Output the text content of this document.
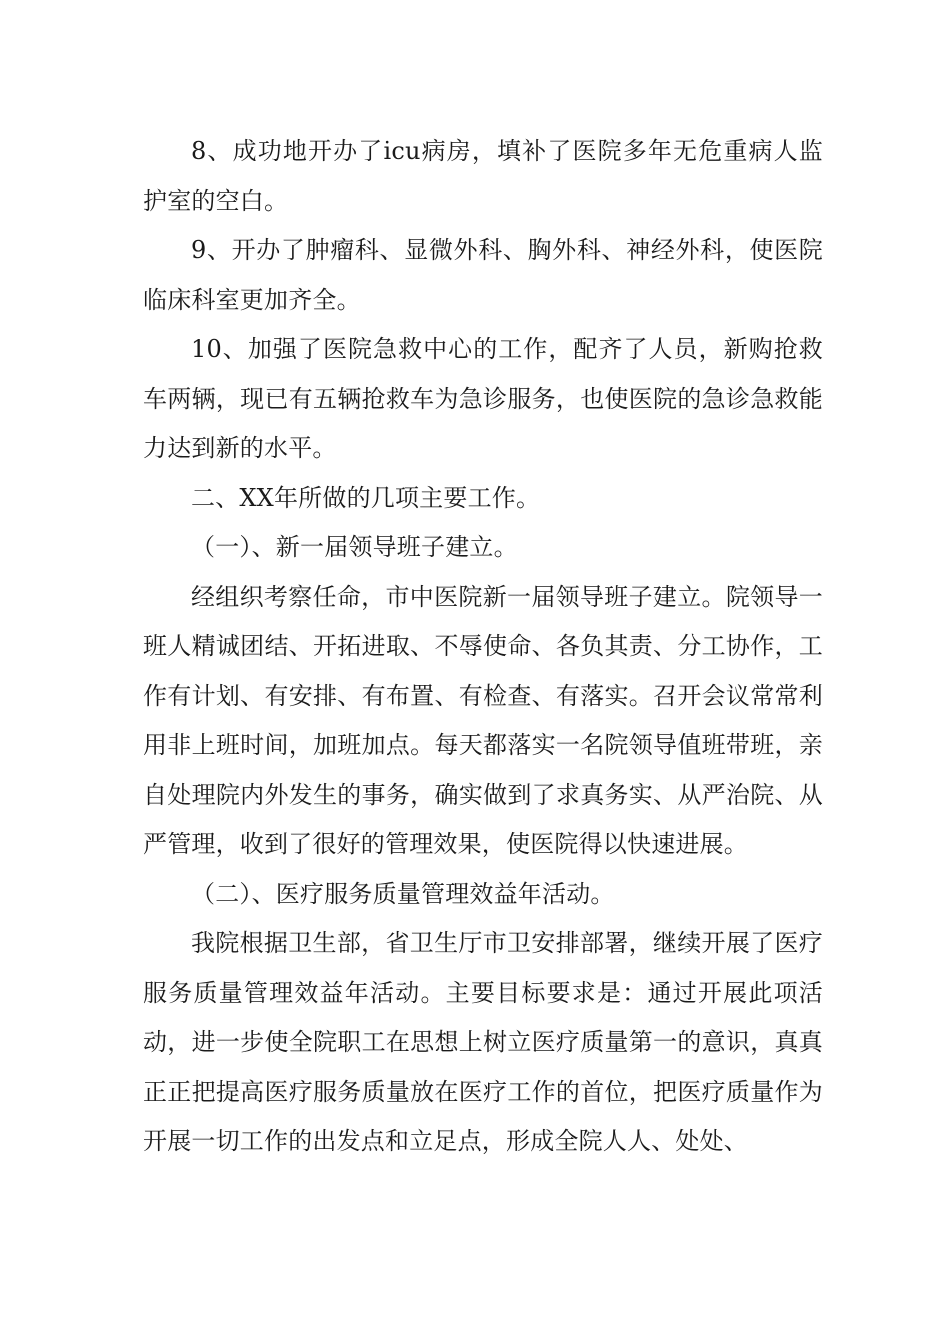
8、成功地开办了icu病房，填补了医院多年无危重病人监护室的空白。

9、开办了肿瘤科、显微外科、胸外科、神经外科，使医院临床科室更加齐全。

10、加强了医院急救中心的工作，配齐了人员，新购抢救车两辆，现已有五辆抢救车为急诊服务，也使医院的急诊急救能力达到新的水平。

二、XX年所做的几项主要工作。

（一）、新一届领导班子建立。

经组织考察任命，市中医院新一届领导班子建立。院领导一班人精诚团结、开拓进取、不辱使命、各负其责、分工协作，工作有计划、有安排、有布置、有检查、有落实。召开会议常常利用非上班时间，加班加点。每天都落实一名院领导值班带班，亲自处理院内外发生的事务，确实做到了求真务实、从严治院、从严管理，收到了很好的管理效果，使医院得以快速进展。

（二）、医疗服务质量管理效益年活动。

我院根据卫生部，省卫生厅市卫安排部署，继续开展了医疗服务质量管理效益年活动。主要目标要求是：通过开展此项活动，进一步使全院职工在思想上树立医疗质量第一的意识，真真正正把提高医疗服务质量放在医疗工作的首位，把医疗质量作为开展一切工作的出发点和立足点，形成全院人人、处处、
